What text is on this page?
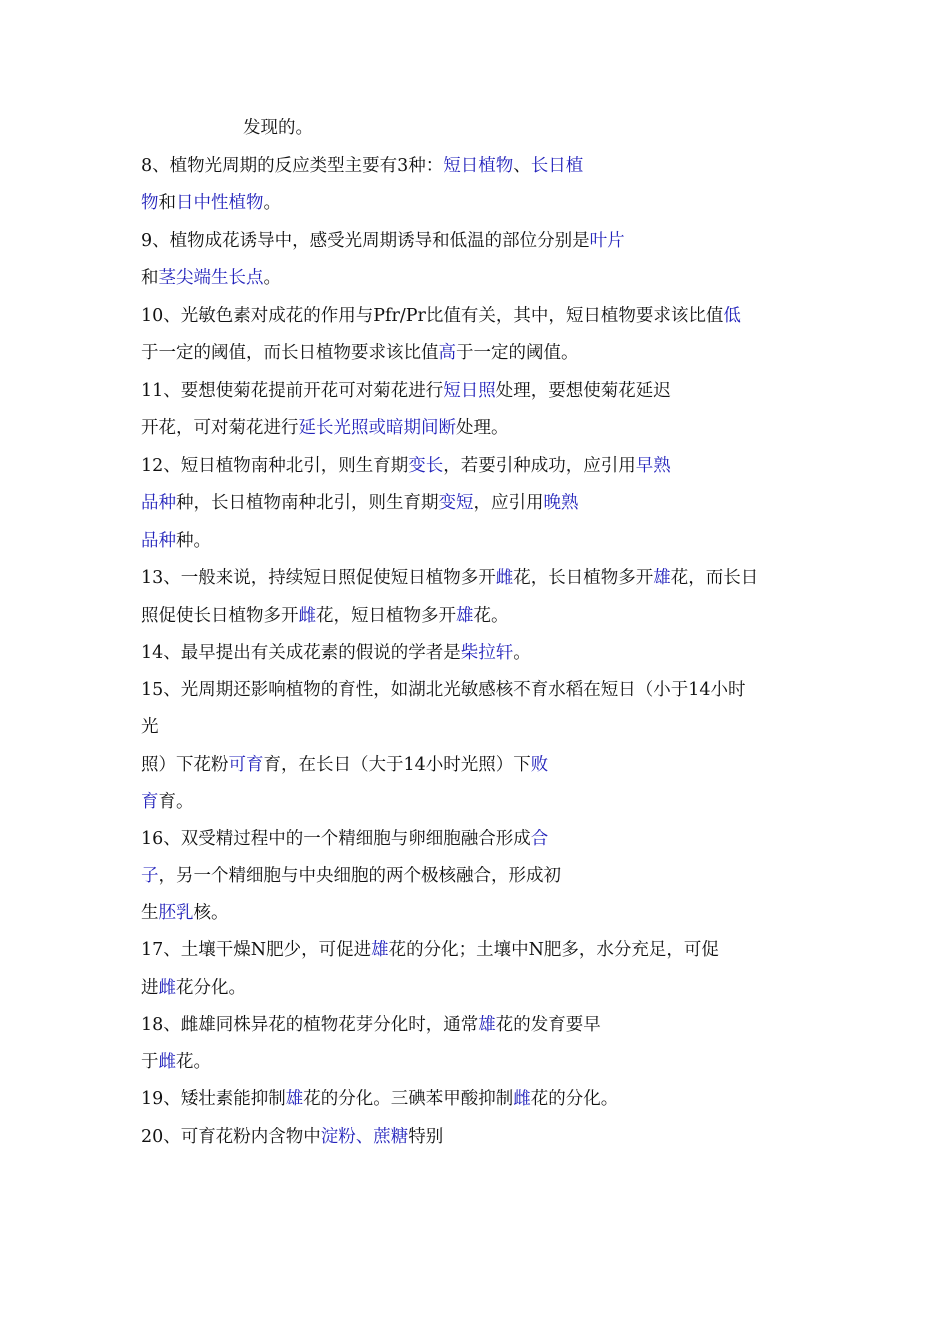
发现的。
8、植物光周期的反应类型主要有3种：短日植物、长日植
物和日中性植物。
9、植物成花诱导中，感受光周期诱导和低温的部位分别是叶片
和茎尖端生长点。
10、光敏色素对成花的作用与Pfr/Pr比值有关，其中，短日植物要求该比值低
于一定的阈值，而长日植物要求该比值高于一定的阈值。
11、要想使菊花提前开花可对菊花进行短日照处理，要想使菊花延迟
开花，可对菊花进行延长光照或暗期间断处理。
12、短日植物南种北引，则生育期变长，若要引种成功，应引用早熟
品种种，长日植物南种北引，则生育期变短，应引用晚熟
品种种。
13、一般来说，持续短日照促使短日植物多开雌花，长日植物多开雄花，而长日
照促使长日植物多开雌花，短日植物多开雄花。
14、最早提出有关成花素的假说的学者是柴拉轩。
15、光周期还影响植物的育性，如湖北光敏感核不育水稻在短日（小于14小时
光
照）下花粉可育育，在长日（大于14小时光照）下败
育育。
16、双受精过程中的一个精细胞与卵细胞融合形成合
子，另一个精细胞与中央细胞的两个极核融合，形成初
生胚乳核。
17、土壤干燥N肥少，可促进雄花的分化；土壤中N肥多，水分充足，可促
进雌花分化。
18、雌雄同株异花的植物花芽分化时，通常雄花的发育要早
于雌花。
19、矮壮素能抑制雄花的分化。三碘苯甲酸抑制雌花的分化。
20、可育花粉内含物中淀粉、蔗糖特别
